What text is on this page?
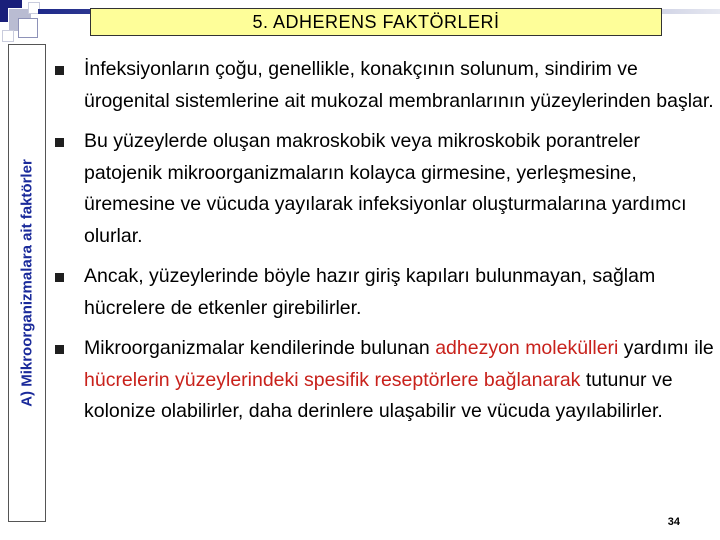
5. ADHERENS FAKTÖRLERİ
A) Mikroorganizmalara ait faktörler
İnfeksiyonların çoğu, genellikle, konakçının solunum, sindirim ve ürogenital sistemlerine ait mukozal membranlarının yüzeylerinden başlar.
Bu yüzeylerde oluşan makroskobik veya mikroskobik porantreler patojenik mikroorganizmaların kolayca girmesine, yerleşmesine, üremesine ve vücuda yayılarak infeksiyonlar oluşturmalarına yardımcı olurlar.
Ancak, yüzeylerinde böyle hazır giriş kapıları bulunmayan, sağlam hücrelere de etkenler girebilirler.
Mikroorganizmalar kendilerinde bulunan adhezyon molekülleri yardımı ile hücrelerin yüzeylerindeki spesifik reseptörlere bağlanarak tutunur ve kolonize olabilirler, daha derinlere ulaşabilir ve vücuda yayılabilirler.
34
